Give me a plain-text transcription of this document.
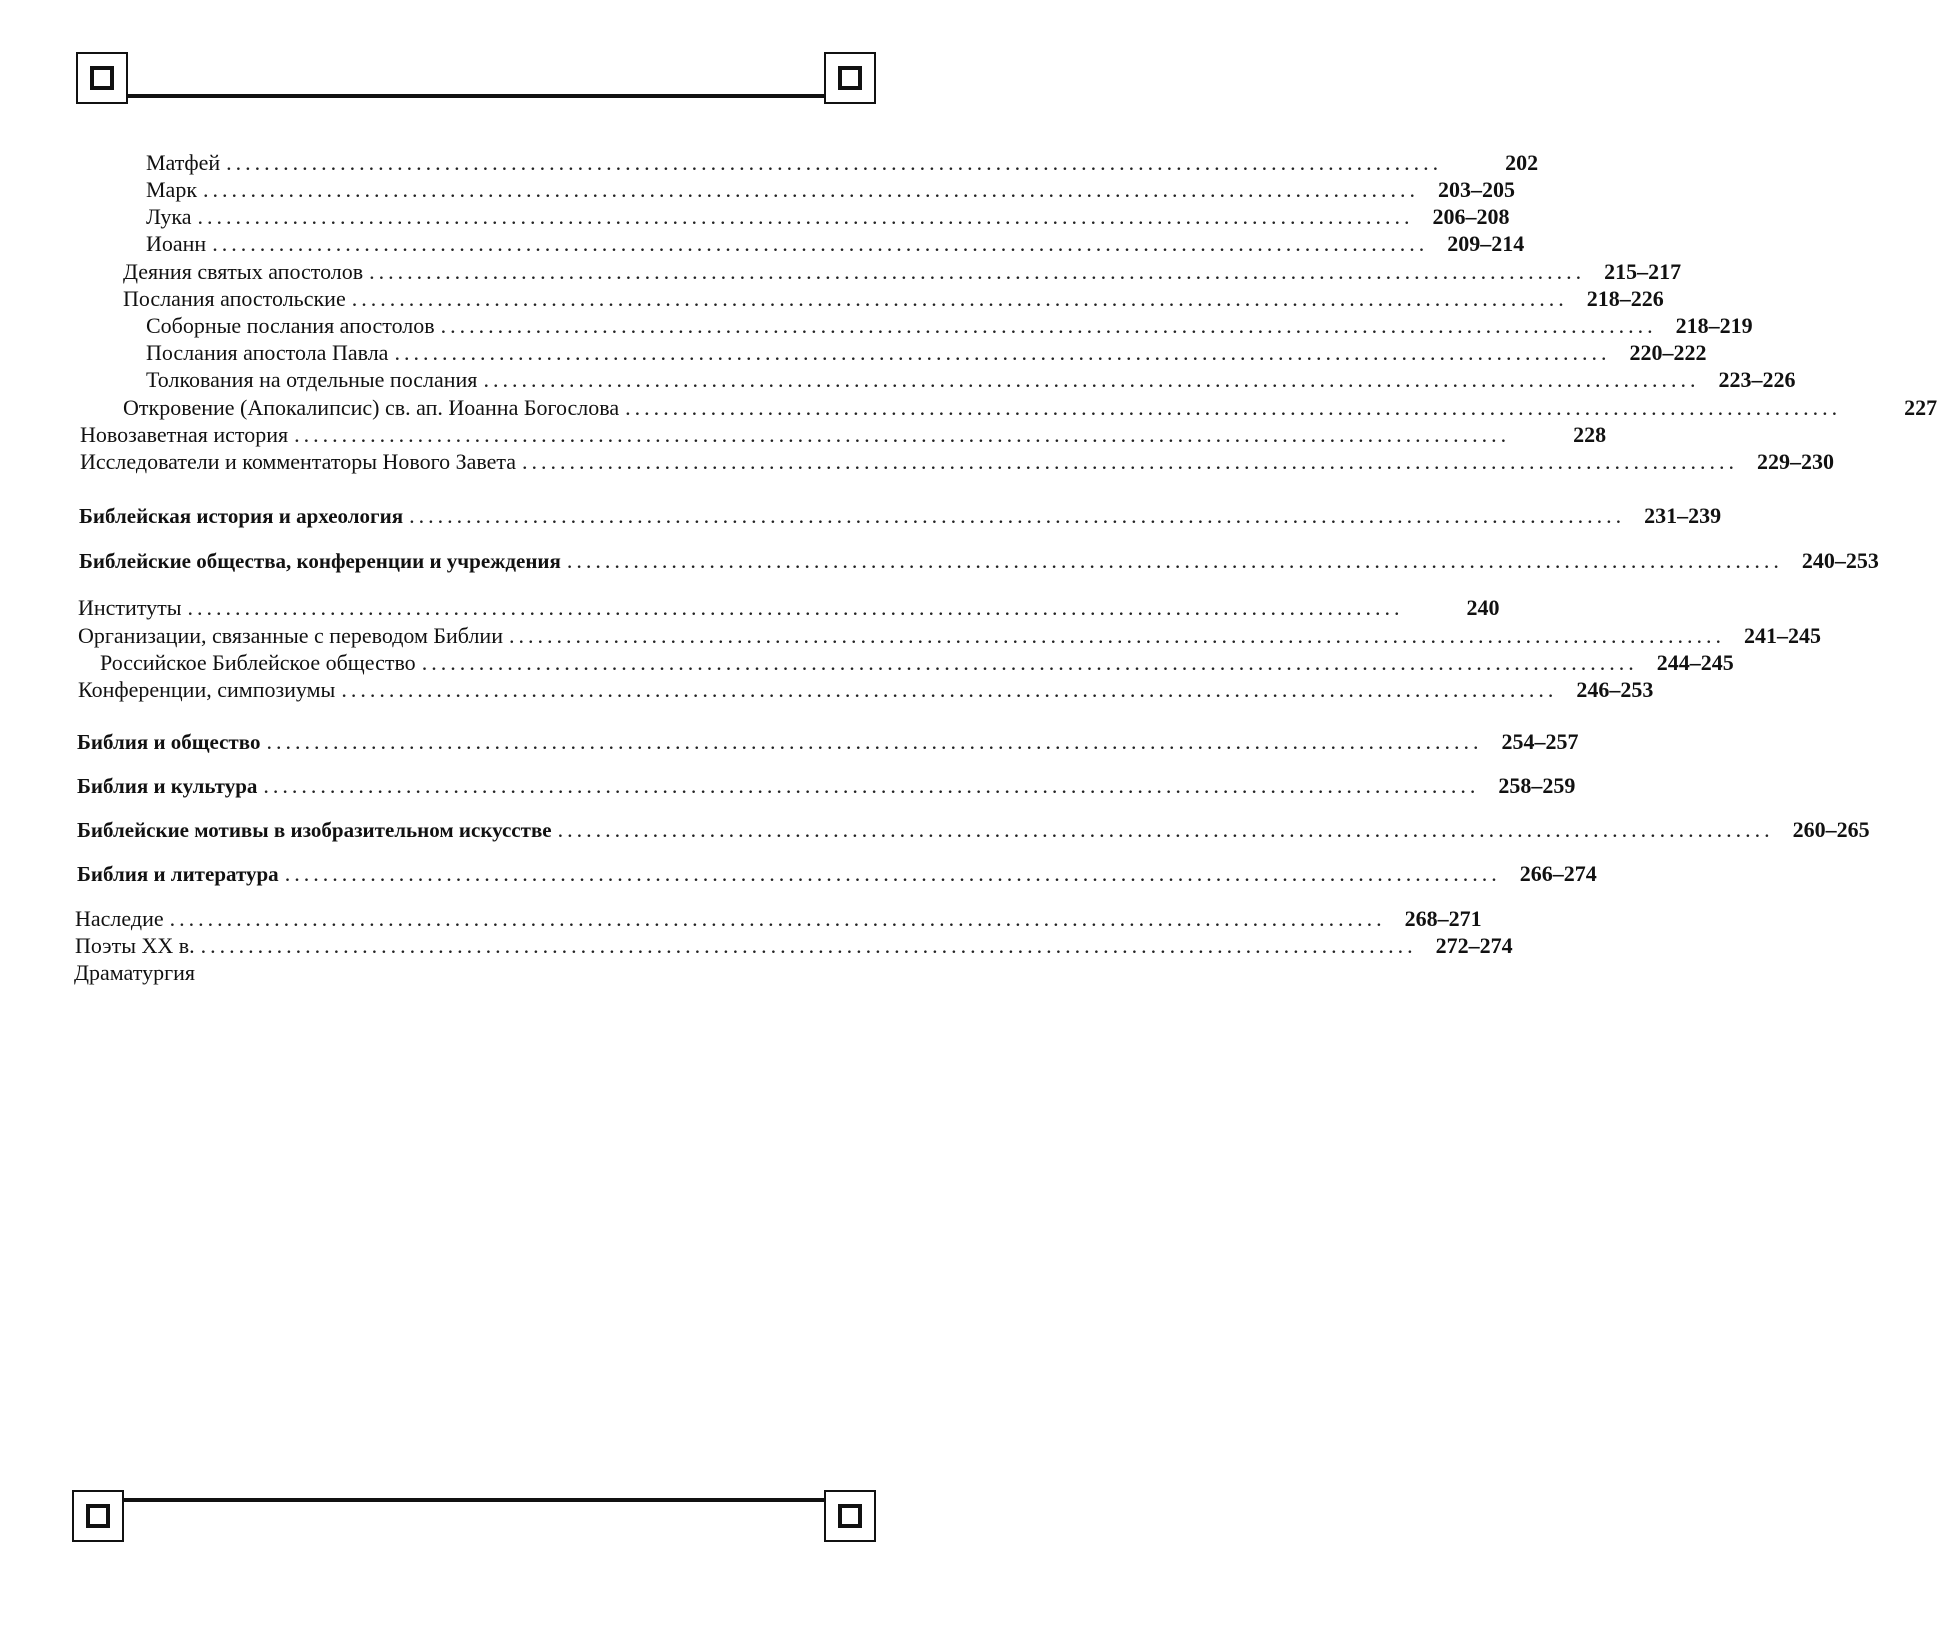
Матфей ................................................................................................................................	202
Марк ................................................................................................................................ 203–205
Лука ................................................................................................................................ 206–208
Иоанн ................................................................................................................................ 209–214
Деяния святых апостолов ................................................................................................................................ 215–217
Послания апостольские ................................................................................................................................ 218–226
Соборные послания апостолов ................................................................................................................................ 218–219
Послания апостола Павла ................................................................................................................................ 220–222
Толкования на отдельные послания ................................................................................................................................ 223–226
Откровение (Апокалипсис) св. ап. Иоанна Богослова ................................................................................................................................	227
Новозаветная история ................................................................................................................................	228
Исследователи и комментаторы Нового Завета ................................................................................................................................ 229–230
Библейская история и археология ................................................................................................................................ 231–239
Библейские общества, конференции и учреждения ................................................................................................................................ 240–253
Институты ................................................................................................................................	240
Организации, связанные с переводом Библии ................................................................................................................................ 241–245
Российское Библейское общество ................................................................................................................................ 244–245
Конференции, симпозиумы ................................................................................................................................ 246–253
Библия и общество ................................................................................................................................ 254–257
Библия и культура ................................................................................................................................ 258–259
Библейские мотивы в изобразительном искусстве ................................................................................................................................ 260–265
Библия и литература ................................................................................................................................ 266–274
Наследие ................................................................................................................................ 268–271
Поэты XX в. ................................................................................................................................ 272–274
Драматургия
